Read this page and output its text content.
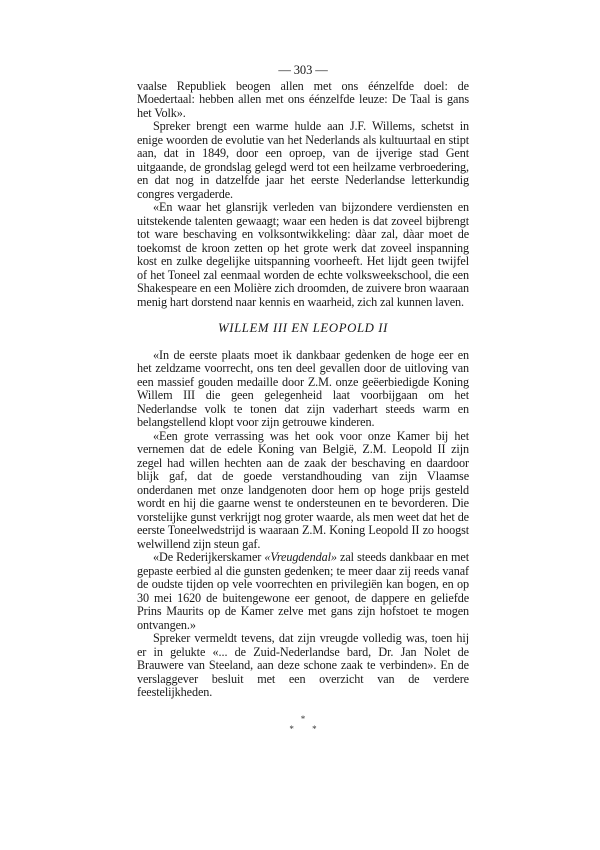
— 303 —

vaalse Republiek beogen allen met ons éénzelfde doel: de Moedertaal: hebben allen met ons éénzelfde leuze: De Taal is gans het Volk».

Spreker brengt een warme hulde aan J.F. Willems, schetst in enige woorden de evolutie van het Nederlands als kultuurtaal en stipt aan, dat in 1849, door een oproep, van de ijverige stad Gent uitgaande, de grondslag gelegd werd tot een heilzame verbroedering, en dat nog in datzelfde jaar het eerste Nederlandse letterkundig congres vergaderde.

«En waar het glansrijk verleden van bijzondere verdiensten en uitstekende talenten gewaagt; waar een heden is dat zoveel bijbrengt tot ware beschaving en volksontwikkeling: dàar zal, dàar moet de toekomst de kroon zetten op het grote werk dat zoveel inspanning kost en zulke degelijke uitspanning voorheeft. Het lijdt geen twijfel of het Toneel zal eenmaal worden de echte volksweekschool, die een Shakespeare en een Molière zich droomden, de zuivere bron waaraan menig hart dorstend naar kennis en waarheid, zich zal kunnen laven.

WILLEM III EN LEOPOLD II

«In de eerste plaats moet ik dankbaar gedenken de hoge eer en het zeldzame voorrecht, ons ten deel gevallen door de uitloving van een massief gouden medaille door Z.M. onze geëerbiedigde Koning Willem III die geen gelegenheid laat voorbijgaan om het Nederlandse volk te tonen dat zijn vaderhart steeds warm en belangstellend klopt voor zijn getrouwe kinderen.

«Een grote verrassing was het ook voor onze Kamer bij het vernemen dat de edele Koning van België, Z.M. Leopold II zijn zegel had willen hechten aan de zaak der beschaving en daardoor blijk gaf, dat de goede verstandhouding van zijn Vlaamse onderdanen met onze landgenoten door hem op hoge prijs gesteld wordt en hij die gaarne wenst te ondersteunen en te bevorderen. Die vorstelijke gunst verkrijgt nog groter waarde, als men weet dat het de eerste Toneelwedstrijd is waaraan Z.M. Koning Leopold II zo hoogst welwillend zijn steun gaf.

«De Rederijkerskamer «Vreugdendal» zal steeds dankbaar en met gepaste eerbied al die gunsten gedenken; te meer daar zij reeds vanaf de oudste tijden op vele voorrechten en privilegiën kan bogen, en op 30 mei 1620 de buitengewone eer genoot, de dappere en geliefde Prins Maurits op de Kamer zelve met gans zijn hofstoet te mogen ontvangen.»

Spreker vermeldt tevens, dat zijn vreugde volledig was, toen hij er in gelukte «... de Zuid-Nederlandse bard, Dr. Jan Nolet de Brauwere van Steeland, aan deze schone zaak te verbinden». En de verslaggever besluit met een overzicht van de verdere feestelijkheden.

*
* *
